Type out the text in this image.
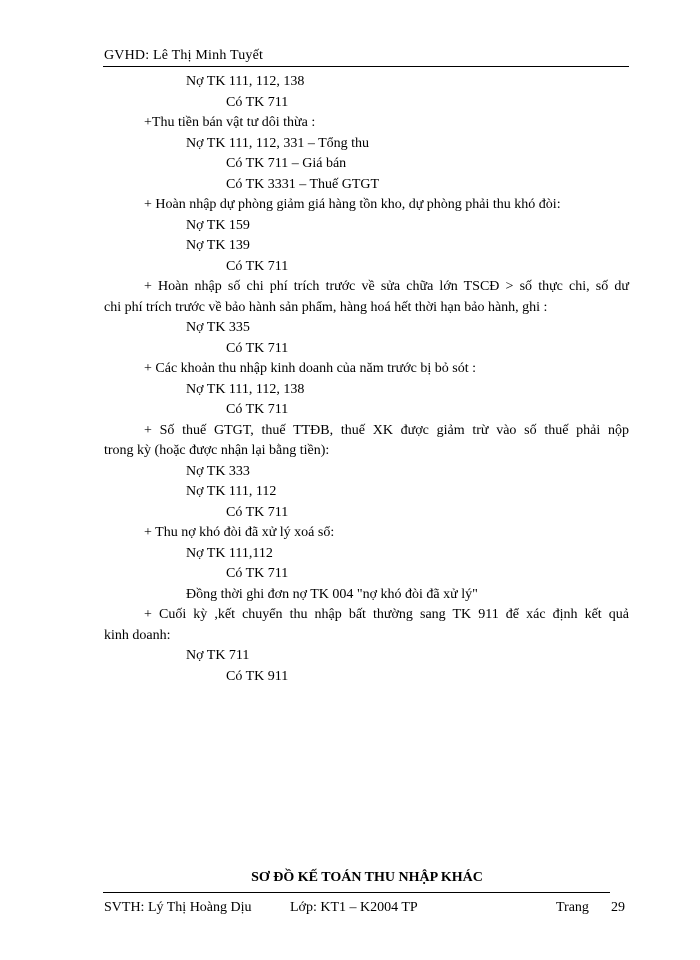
GVHD: Lê Thị Minh Tuyết
Nợ TK 111, 112, 138
Có TK 711
+Thu tiền bán vật tư dôi thừa :
Nợ TK 111, 112, 331 – Tổng thu
Có TK 711 – Giá bán
Có TK 3331 – Thuế GTGT
+ Hoàn nhập dự phòng giảm giá hàng tồn kho, dự phòng phải thu khó đòi:
Nợ TK 159
Nợ TK 139
Có TK 711
+ Hoàn nhập số chi phí trích trước về sửa chữa lớn TSCĐ > số thực chi, số dư
chi phí trích trước về bảo hành sản phẩm, hàng hoá hết thời hạn bảo hành, ghi :
Nợ TK 335
Có TK 711
+ Các khoản thu nhập kinh doanh của năm trước bị bỏ sót :
Nợ TK 111, 112, 138
Có TK 711
+ Số thuế GTGT, thuế TTĐB, thuế XK được giảm trừ vào số thuế phải nộp
trong kỳ (hoặc được nhận lại bằng tiền):
Nợ TK 333
Nợ TK 111, 112
Có TK 711
+ Thu nợ khó đòi đã xử lý xoá sổ:
Nợ TK 111,112
Có TK 711
Đồng thời ghi đơn nợ TK 004 "nợ khó đòi đã xử lý"
+ Cuối kỳ ,kết chuyển thu nhập bất thường sang TK 911 để xác định kết quả
kinh doanh:
Nợ TK 711
Có TK 911
SƠ ĐỒ KẾ TOÁN THU NHẬP KHÁC
SVTH: Lý Thị Hoàng Dịu	Lớp: KT1 – K2004 TP	Trang 29
